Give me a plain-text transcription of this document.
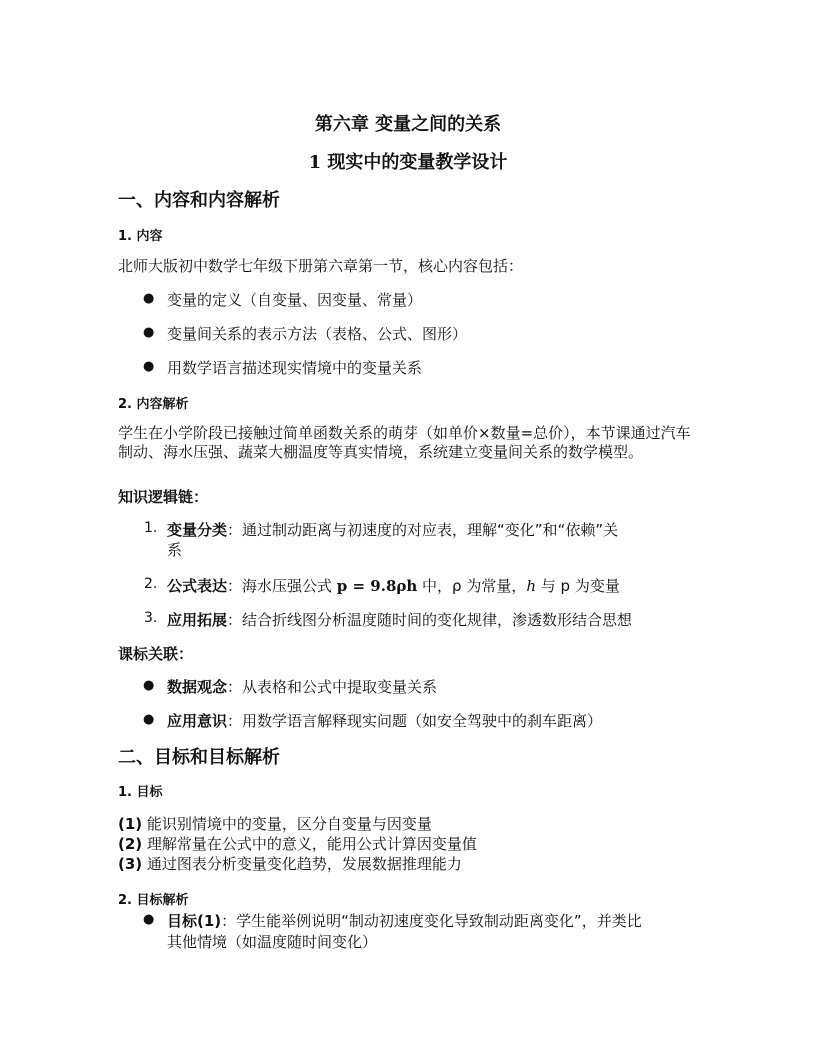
第六章 变量之间的关系
1 现实中的变量教学设计
一、内容和内容解析
1. 内容
北师大版初中数学七年级下册第六章第一节，核心内容包括：
● 变量的定义（自变量、因变量、常量）
● 变量间关系的表示方法（表格、公式、图形）
● 用数学语言描述现实情境中的变量关系
2. 内容解析
学生在小学阶段已接触过简单函数关系的萌芽（如单价×数量=总价），本节课通过汽车制动、海水压强、蔬菜大棚温度等真实情境，系统建立变量间关系的数学模型。
知识逻辑链：
1. 变量分类：通过制动距离与初速度的对应表，理解“变化”和“依赖”关
系
2. 公式表达：海水压强公式 p = 9.8ρh 中，ρ 为常量，h 与 p 为变量
3. 应用拓展：结合折线图分析温度随时间的变化规律，渗透数形结合思想
课标关联：
● 数据观念：从表格和公式中提取变量关系
● 应用意识：用数学语言解释现实问题（如安全驾驶中的刹车距离）
二、目标和目标解析
1. 目标
(1) 能识别情境中的变量，区分自变量与因变量
(2) 理解常量在公式中的意义，能用公式计算因变量值
(3) 通过图表分析变量变化趋势，发展数据推理能力
2. 目标解析
● 目标(1)：学生能举例说明“制动初速度变化导致制动距离变化”，并类比
其他情境（如温度随时间变化）
